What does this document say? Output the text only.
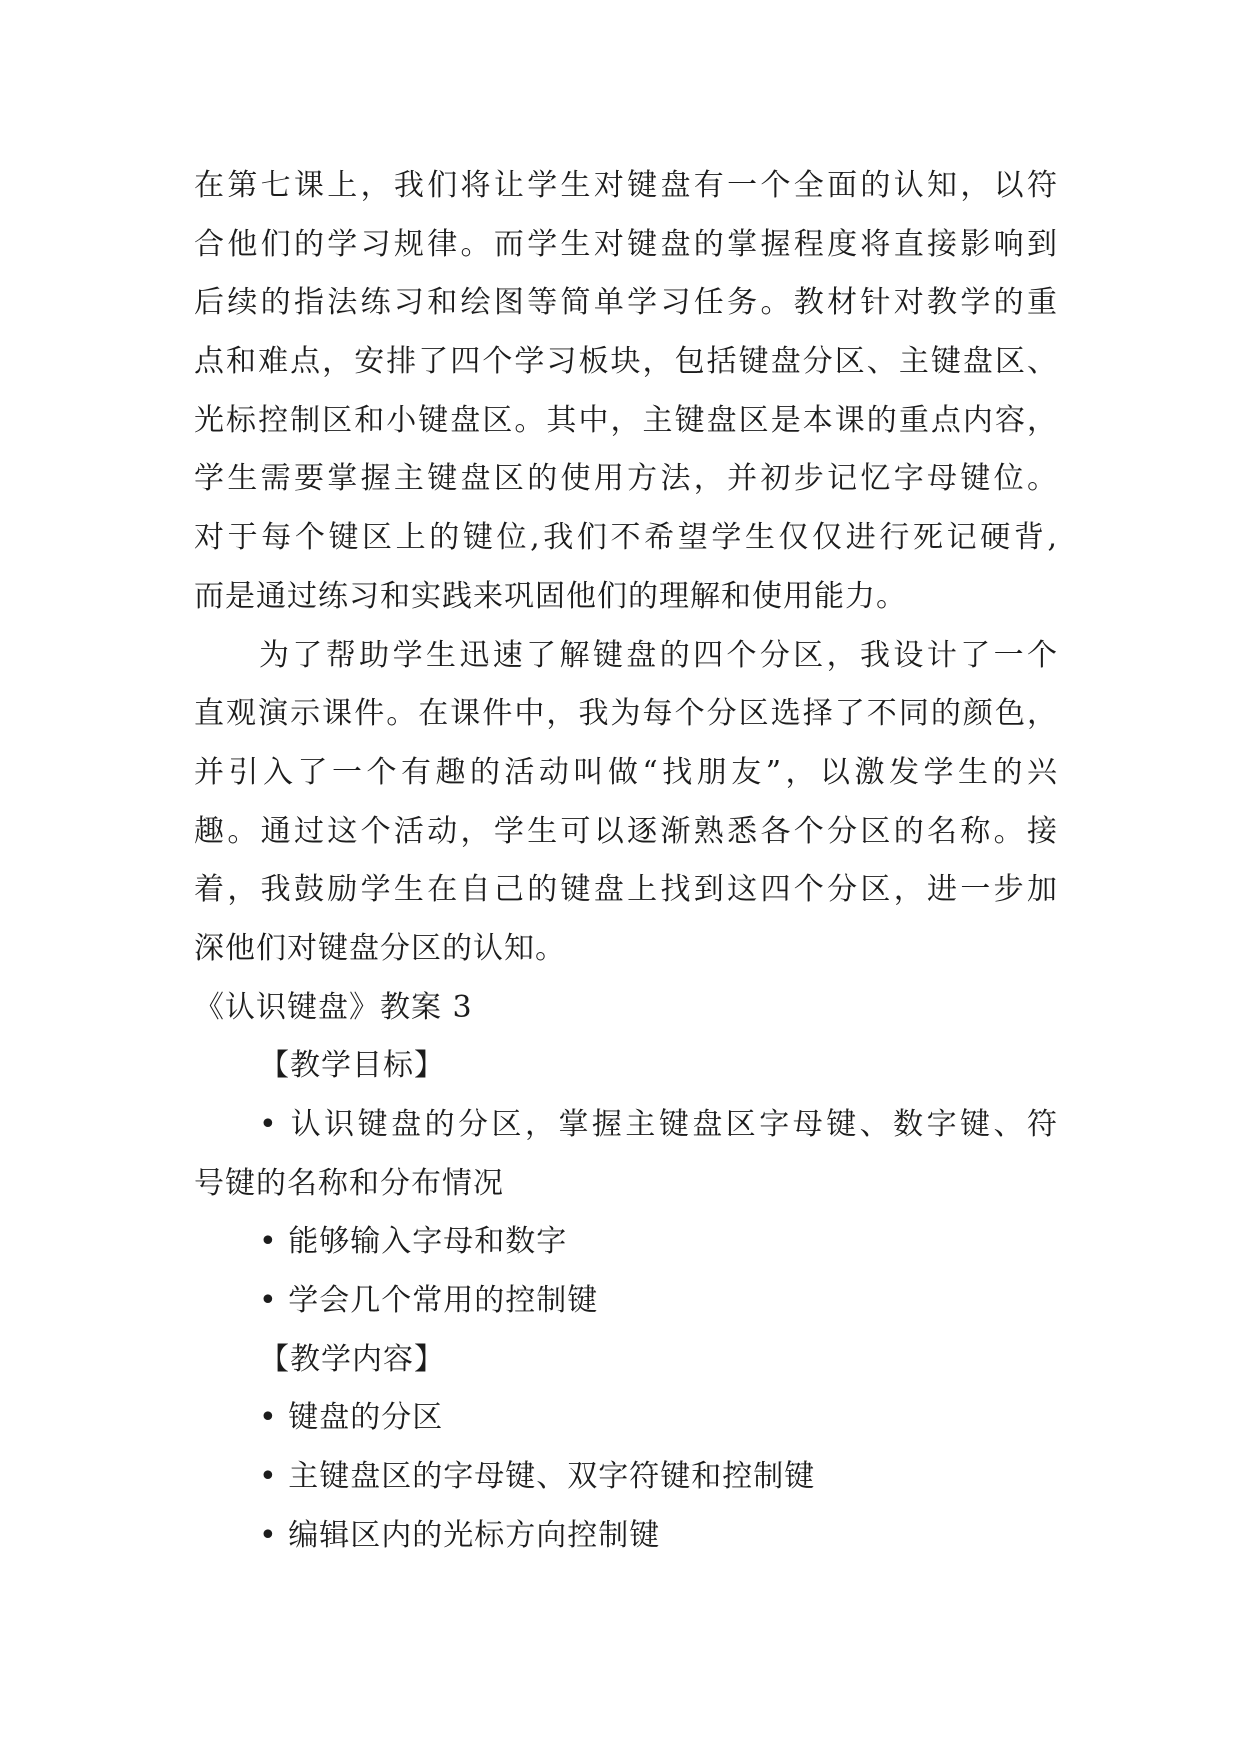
在第七课上，我们将让学生对键盘有一个全面的认知，以符
合他们的学习规律。而学生对键盘的掌握程度将直接影响到
后续的指法练习和绘图等简单学习任务。教材针对教学的重
点和难点，安排了四个学习板块，包括键盘分区、主键盘区、
光标控制区和小键盘区。其中，主键盘区是本课的重点内容，
学生需要掌握主键盘区的使用方法，并初步记忆字母键位。
对于每个键区上的键位,我们不希望学生仅仅进行死记硬背,
而是通过练习和实践来巩固他们的理解和使用能力。
为了帮助学生迅速了解键盘的四个分区，我设计了一个
直观演示课件。在课件中，我为每个分区选择了不同的颜色，
并引入了一个有趣的活动叫做“找朋友”，以激发学生的兴
趣。通过这个活动，学生可以逐渐熟悉各个分区的名称。接
着，我鼓励学生在自己的键盘上找到这四个分区，进一步加
深他们对键盘分区的认知。
《认识键盘》教案 3
【教学目标】
• 认识键盘的分区，掌握主键盘区字母键、数字键、符
号键的名称和分布情况
• 能够输入字母和数字
• 学会几个常用的控制键
【教学内容】
• 键盘的分区
• 主键盘区的字母键、双字符键和控制键
• 编辑区内的光标方向控制键
